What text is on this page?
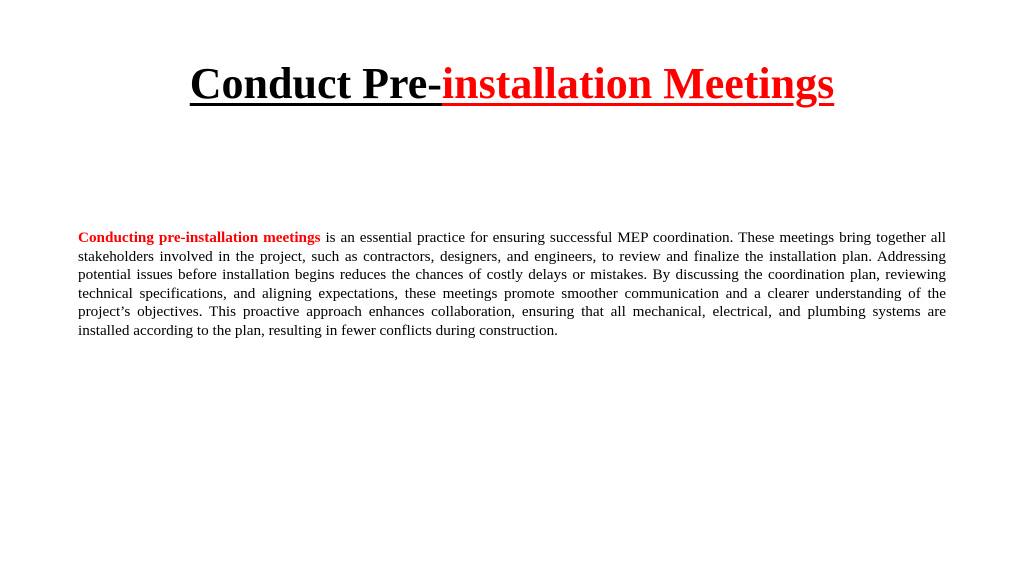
Conduct Pre-installation Meetings

Conducting pre-installation meetings is an essential practice for ensuring successful MEP coordination. These meetings bring together all stakeholders involved in the project, such as contractors, designers, and engineers, to review and finalize the installation plan. Addressing potential issues before installation begins reduces the chances of costly delays or mistakes. By discussing the coordination plan, reviewing technical specifications, and aligning expectations, these meetings promote smoother communication and a clearer understanding of the project’s objectives. This proactive approach enhances collaboration, ensuring that all mechanical, electrical, and plumbing systems are installed according to the plan, resulting in fewer conflicts during construction.
